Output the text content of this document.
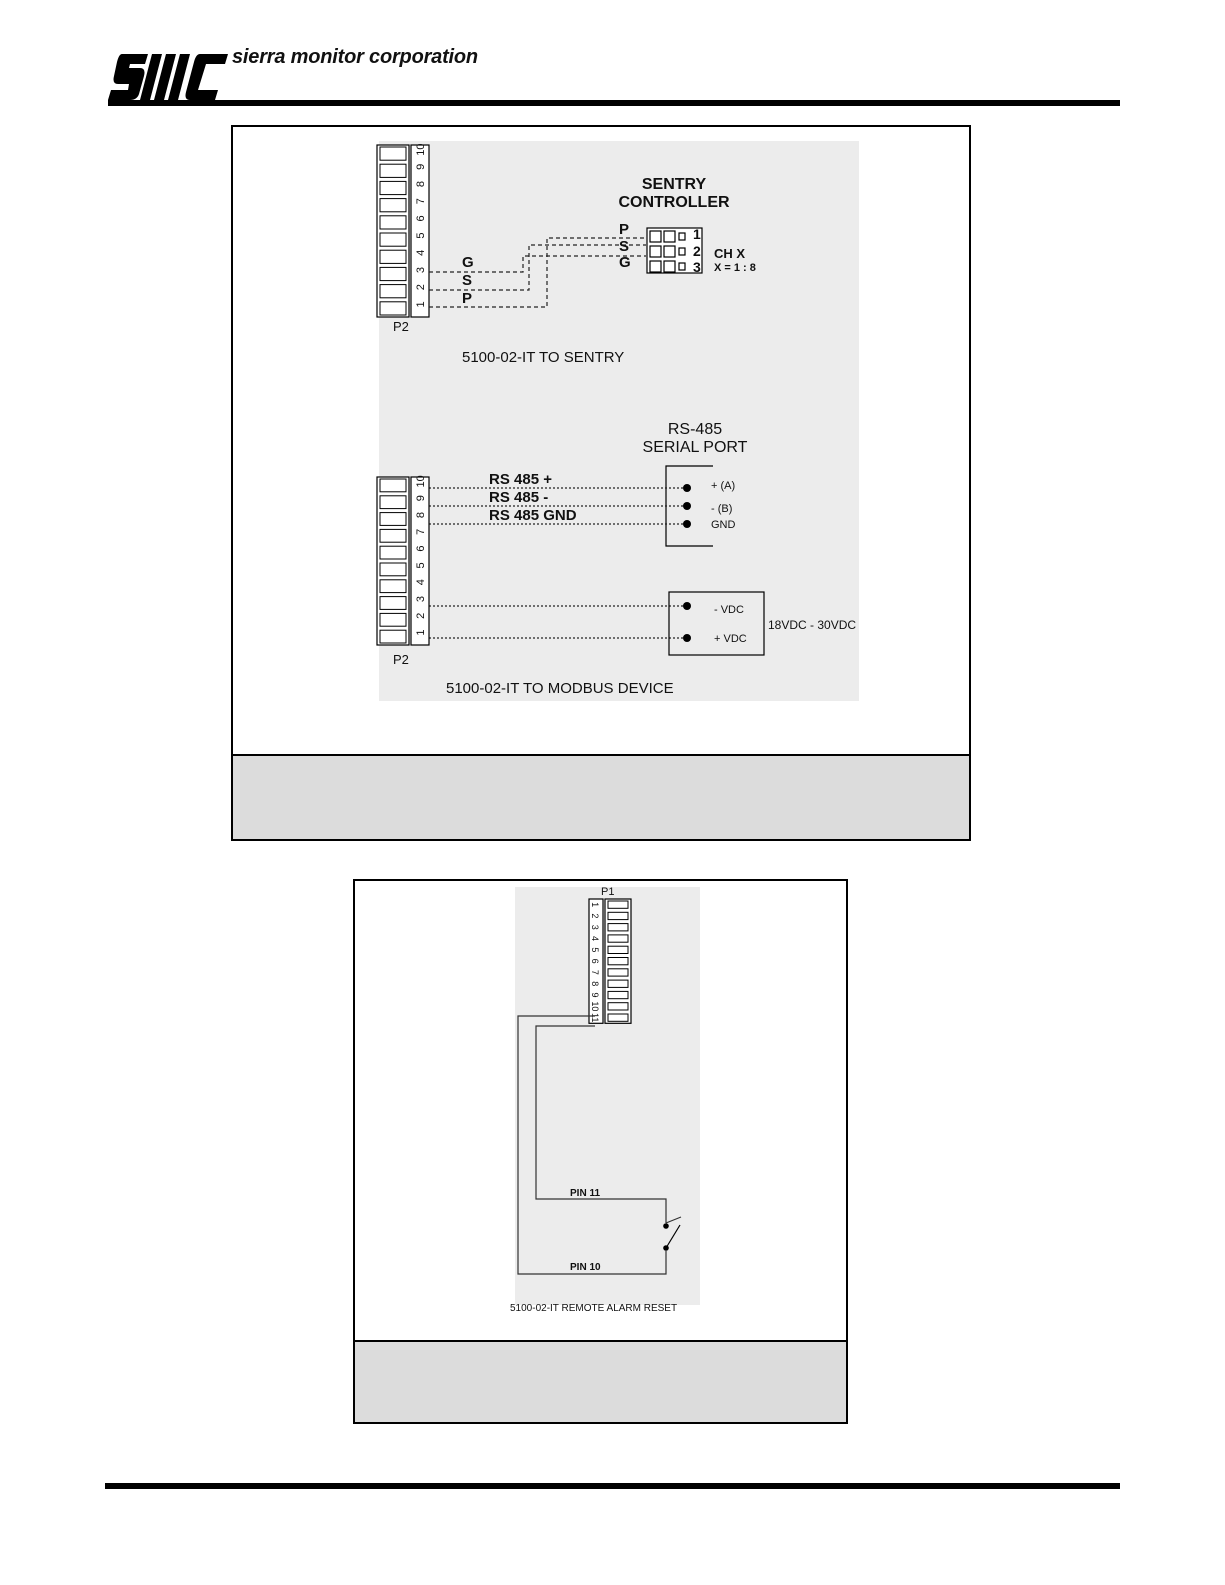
sierra monitor corporation
10
9
8
7
6
5
4
3
2
1
P2
G
S
P
SENTRY
CONTROLLER
P
S
G
1
2
3
CH X
X = 1 : 8
5100-02-IT TO SENTRY
RS-485
SERIAL PORT
RS 485 +
RS 485 -
RS 485 GND
+ (A)
- (B)
GND
- VDC
+ VDC
18VDC - 30VDC
P2
5100-02-IT TO MODBUS DEVICE
10
9
8
7
6
5
4
3
2
1
P1
1
2
3
4
5
6
7
8
9
10
11
PIN 11
PIN 10
5100-02-IT REMOTE ALARM RESET
